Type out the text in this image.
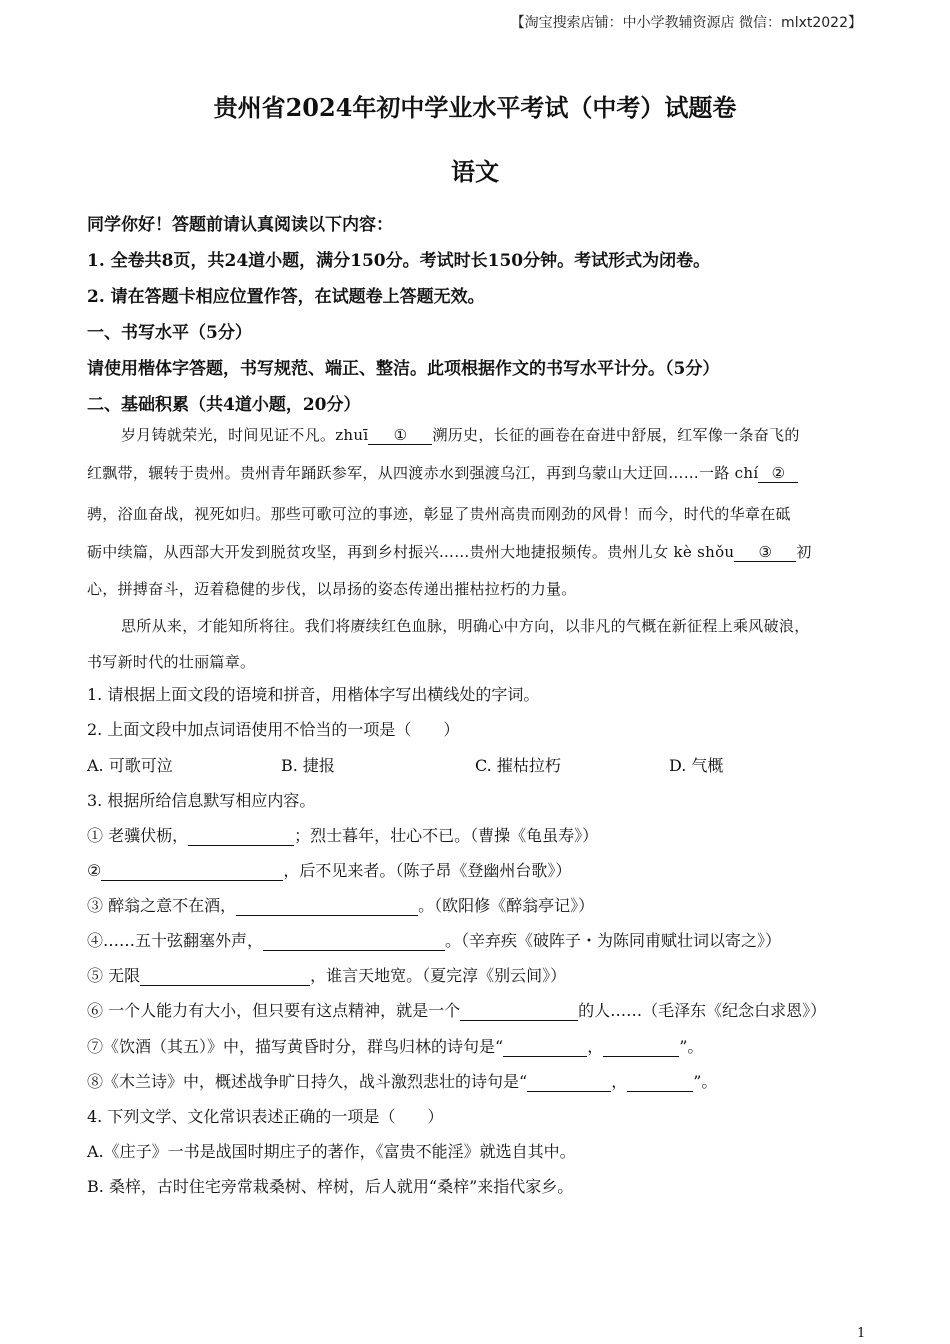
【淘宝搜索店铺：中小学教辅资源店 微信：mlxt2022】
贵州省2024年初中学业水平考试（中考）试题卷
语文
同学你好！答题前请认真阅读以下内容：
1. 全卷共8页，共24道小题，满分150分。考试时长150分钟。考试形式为闭卷。
2. 请在答题卡相应位置作答，在试题卷上答题无效。
一、书写水平（5分）
请使用楷体字答题，书写规范、端正、整洁。此项根据作文的书写水平计分。（5分）
二、基础积累（共4道小题，20分）
岁月铸就荣光，时间见证不凡。zhuī ① 溯历史，长征的画卷在奋进中舒展，红军像一条奋飞的
红飘带，辗转于贵州。贵州青年踊跃参军，从四渡赤水到强渡乌江，再到乌蒙山大迂回……一路 chí ②
骋，浴血奋战，视死如归。那些可歌可泣的事迹，彰显了贵州高贵而刚劲的风骨！而今，时代的华章在砥
砺中续篇，从西部大开发到脱贫攻坚，再到乡村振兴……贵州大地捷报频传。贵州儿女 kè shǒu ③ 初
心，拼搏奋斗，迈着稳健的步伐，以昂扬的姿态传递出摧枯拉朽的力量。
思所从来，才能知所将往。我们将赓续红色血脉，明确心中方向，以非凡的气概在新征程上乘风破浪，
书写新时代的壮丽篇章。
1. 请根据上面文段的语境和拼音，用楷体字写出横线处的字词。
2. 上面文段中加点词语使用不恰当的一项是（　　）
A. 可歌可泣	B. 捷报	C. 摧枯拉朽	D. 气概
3. 根据所给信息默写相应内容。
① 老骥伏枥，	；烈士暮年，壮心不已。（曹操《龟虽寿》）
②	，后不见来者。（陈子昂《登幽州台歌》）
③ 醉翁之意不在酒，	。（欧阳修《醉翁亭记》）
④……五十弦翻塞外声，	。（辛弃疾《破阵子・为陈同甫赋壮词以寄之》）
⑤ 无限	，谁言天地宽。（夏完淳《别云间》）
⑥ 一个人能力有大小，但只要有这点精神，就是一个	的人……（毛泽东《纪念白求恩》）
⑦《饮酒（其五）》中，描写黄昏时分，群鸟归林的诗句是“	，	”。
⑧《木兰诗》中，概述战争旷日持久，战斗激烈悲壮的诗句是“	，	”。
4. 下列文学、文化常识表述正确的一项是（　　）
A.《庄子》一书是战国时期庄子的著作，《富贵不能淫》就选自其中。
B. 桑梓，古时住宅旁常栽桑树、梓树，后人就用“桑梓”来指代家乡。
1
